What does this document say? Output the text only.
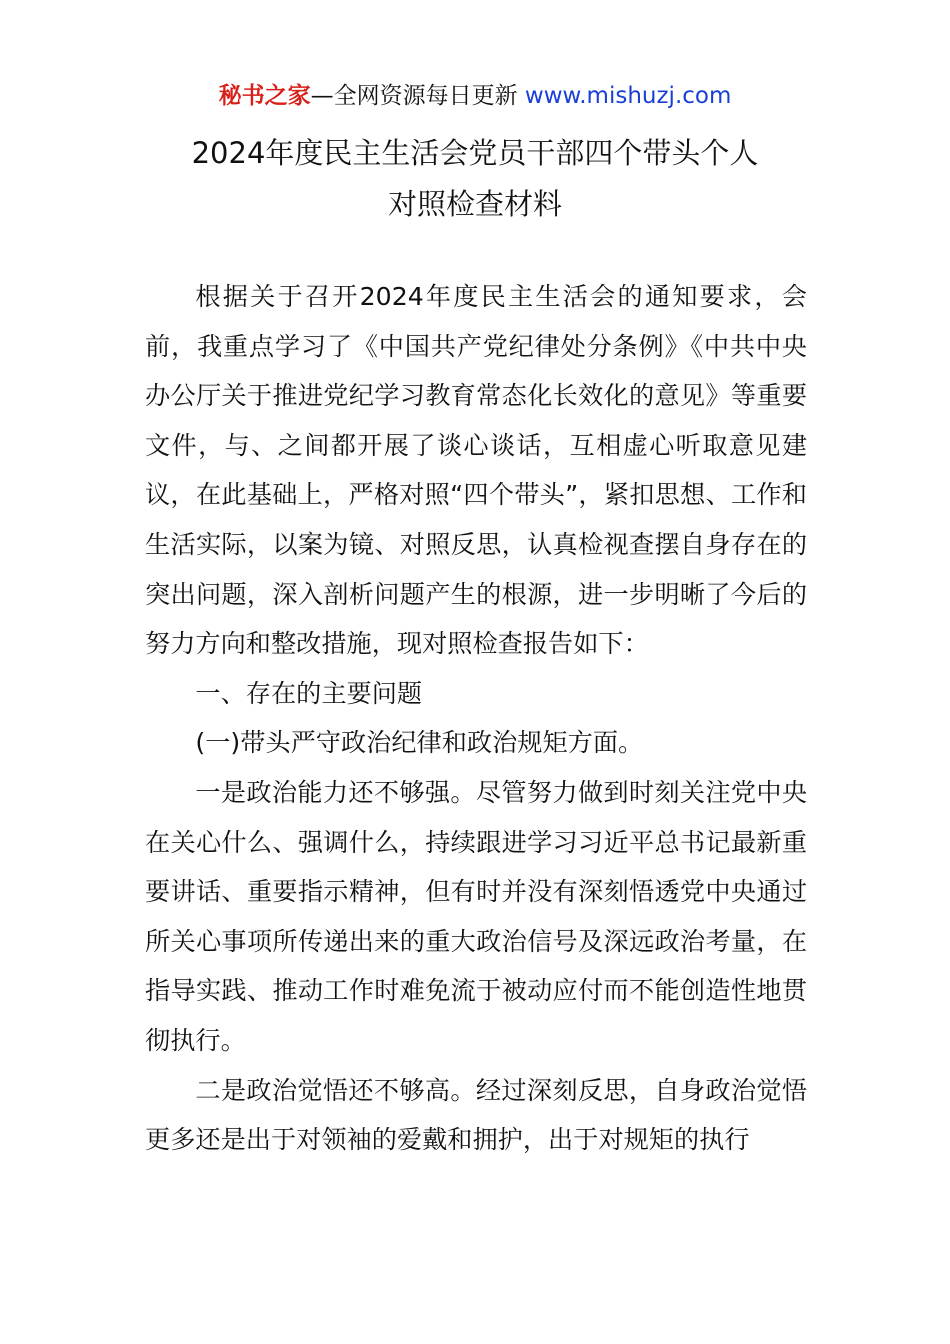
秘书之家—全网资源每日更新 www.mishuzj.com
2024年度民主生活会党员干部四个带头个人
对照检查材料

根据关于召开2024年度民主生活会的通知要求，会前，我重点学习了《中国共产党纪律处分条例》《中共中央办公厅关于推进党纪学习教育常态化长效化的意见》等重要文件，与、之间都开展了谈心谈话，互相虚心听取意见建议，在此基础上，严格对照“四个带头”，紧扣思想、工作和生活实际，以案为镜、对照反思，认真检视查摆自身存在的突出问题，深入剖析问题产生的根源，进一步明晰了今后的努力方向和整改措施，现对照检查报告如下：

一、存在的主要问题

(一)带头严守政治纪律和政治规矩方面。

一是政治能力还不够强。尽管努力做到时刻关注党中央在关心什么、强调什么，持续跟进学习习近平总书记最新重要讲话、重要指示精神，但有时并没有深刻悟透党中央通过所关心事项所传递出来的重大政治信号及深远政治考量，在指导实践、推动工作时难免流于被动应付而不能创造性地贯彻执行。

二是政治觉悟还不够高。经过深刻反思，自身政治觉悟更多还是出于对领袖的爱戴和拥护，出于对规矩的执行
